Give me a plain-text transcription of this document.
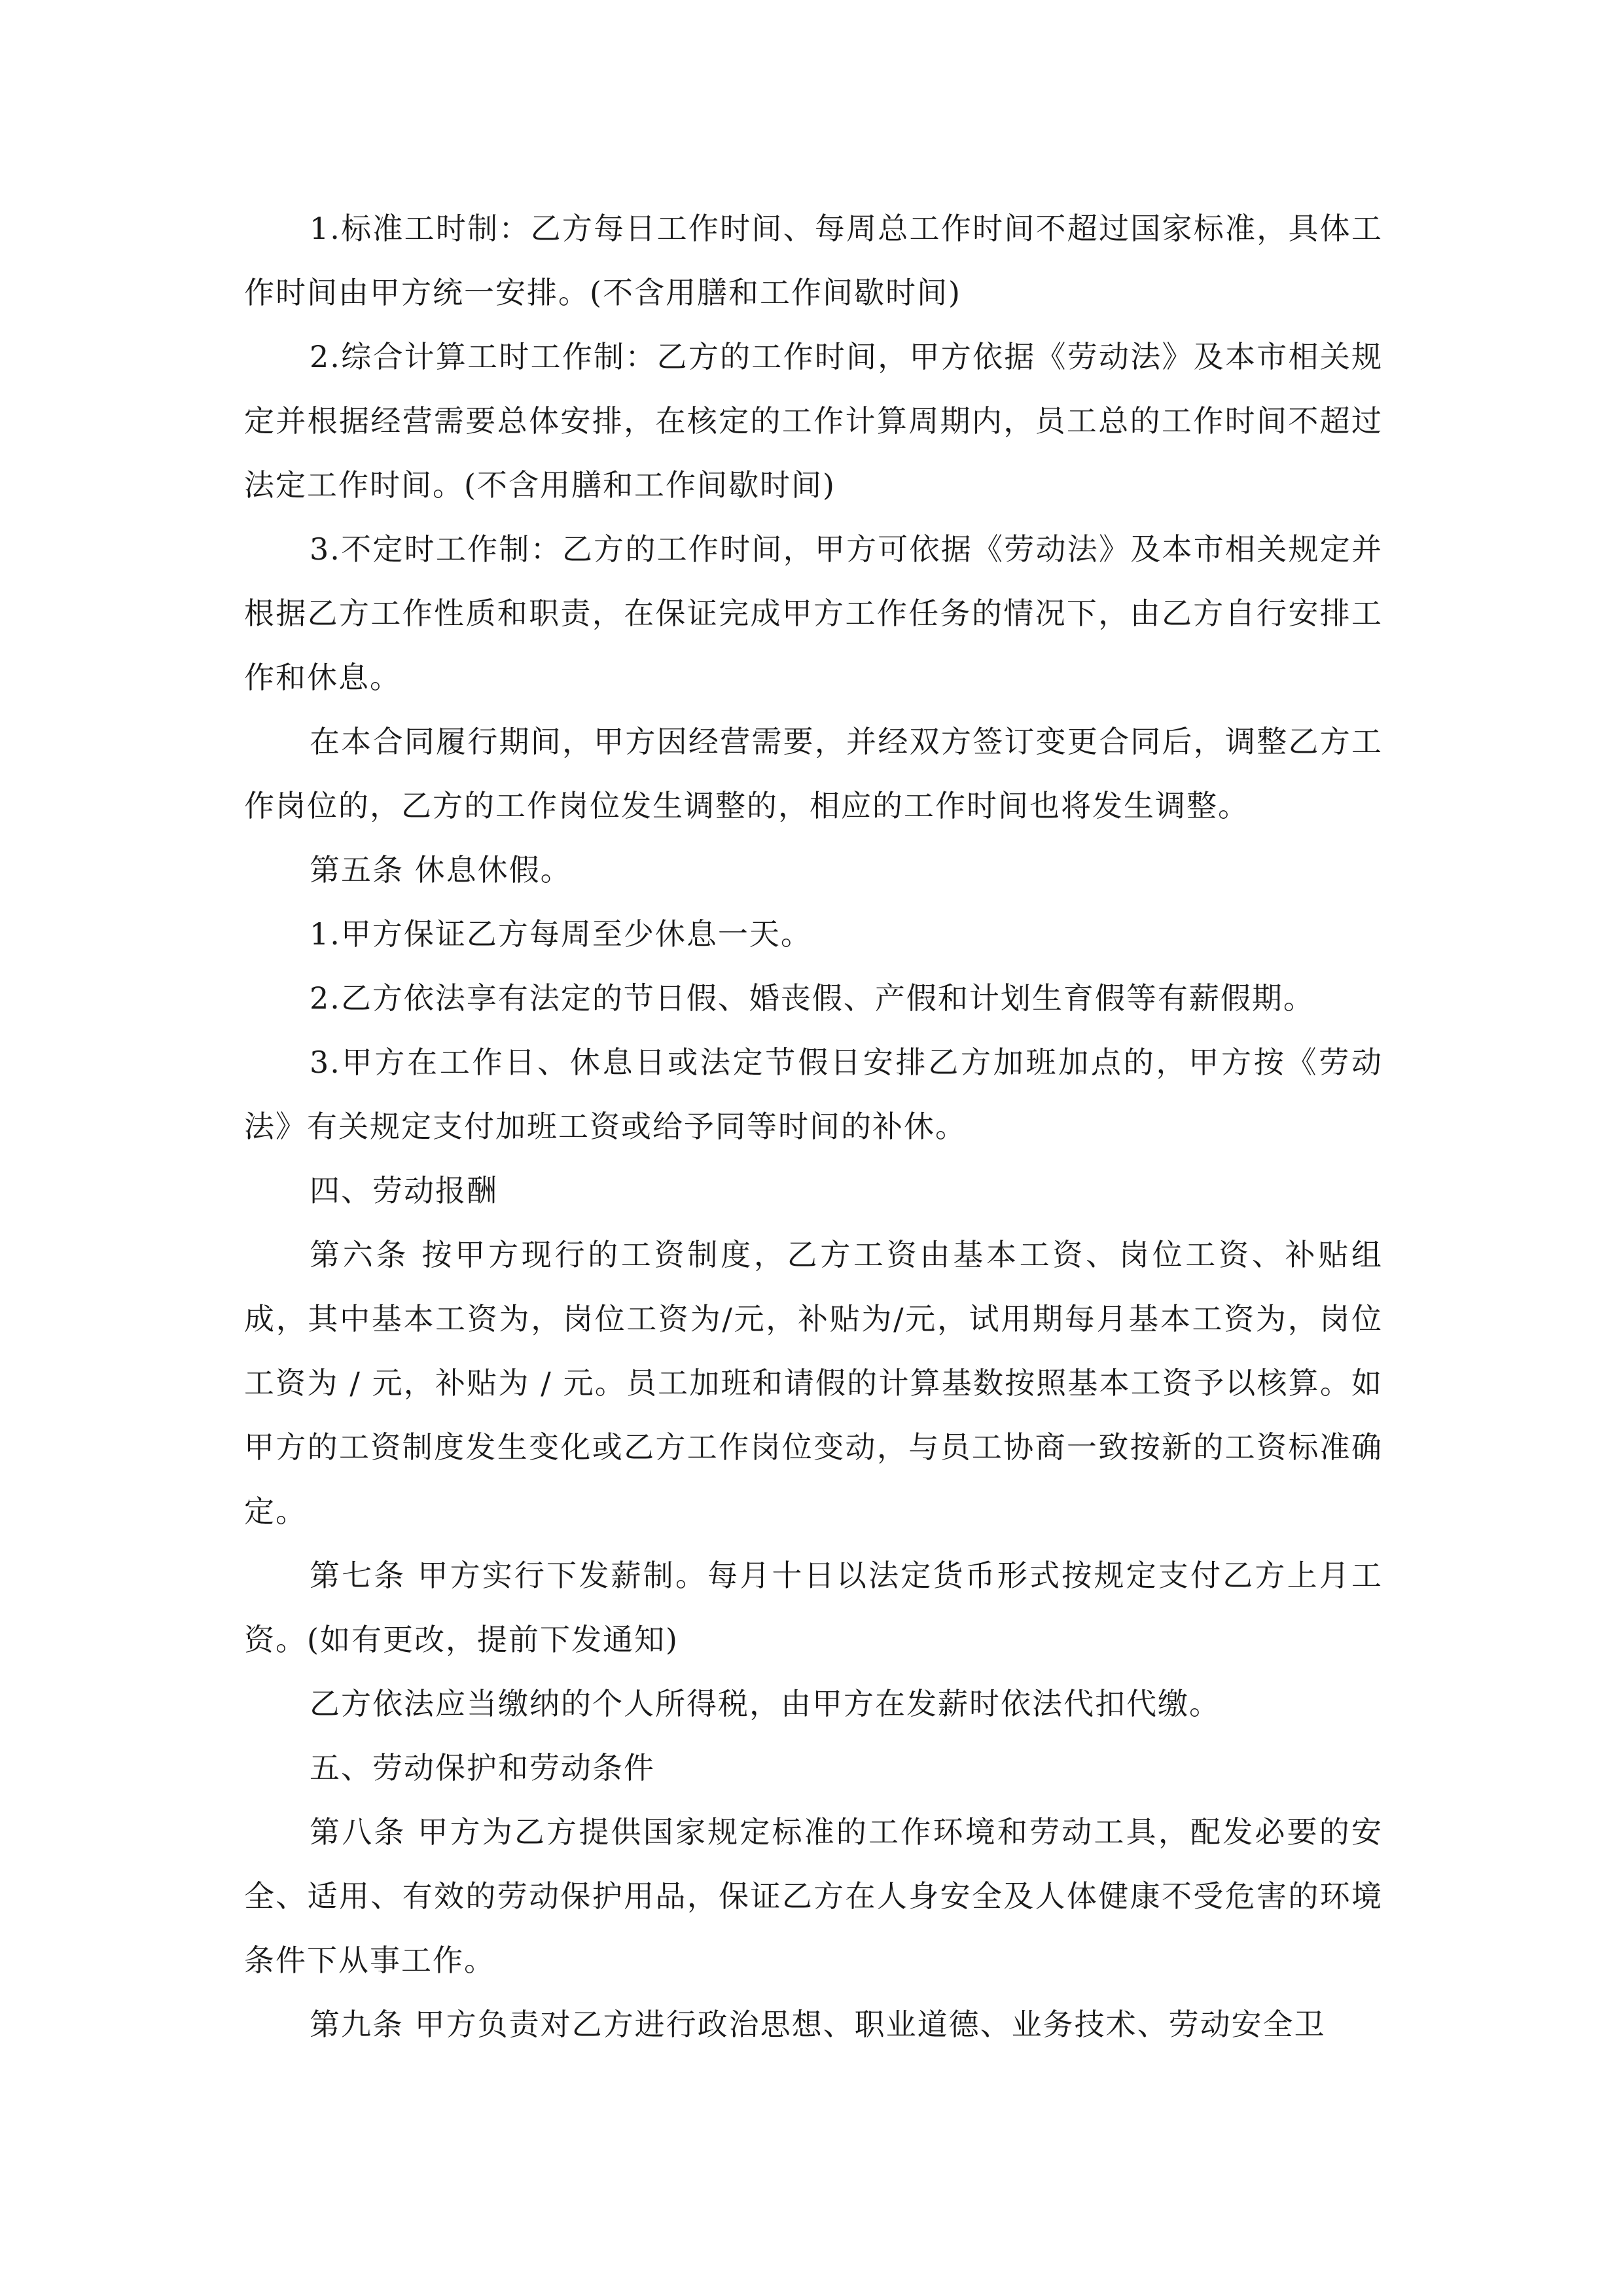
1.标准工时制：乙方每日工作时间、每周总工作时间不超过国家标准，具体工作时间由甲方统一安排。(不含用膳和工作间歇时间)

2.综合计算工时工作制：乙方的工作时间，甲方依据《劳动法》及本市相关规定并根据经营需要总体安排，在核定的工作计算周期内，员工总的工作时间不超过法定工作时间。(不含用膳和工作间歇时间)

3.不定时工作制：乙方的工作时间，甲方可依据《劳动法》及本市相关规定并根据乙方工作性质和职责，在保证完成甲方工作任务的情况下，由乙方自行安排工作和休息。

在本合同履行期间，甲方因经营需要，并经双方签订变更合同后，调整乙方工作岗位的，乙方的工作岗位发生调整的，相应的工作时间也将发生调整。

第五条 休息休假。

1.甲方保证乙方每周至少休息一天。

2.乙方依法享有法定的节日假、婚丧假、产假和计划生育假等有薪假期。

3.甲方在工作日、休息日或法定节假日安排乙方加班加点的，甲方按《劳动法》有关规定支付加班工资或给予同等时间的补休。

四、劳动报酬

第六条 按甲方现行的工资制度，乙方工资由基本工资、岗位工资、补贴组成，其中基本工资为，岗位工资为/元，补贴为/元，试用期每月基本工资为，岗位工资为 / 元，补贴为 / 元。员工加班和请假的计算基数按照基本工资予以核算。如甲方的工资制度发生变化或乙方工作岗位变动，与员工协商一致按新的工资标准确定。

第七条 甲方实行下发薪制。每月十日以法定货币形式按规定支付乙方上月工资。(如有更改，提前下发通知)

乙方依法应当缴纳的个人所得税，由甲方在发薪时依法代扣代缴。

五、劳动保护和劳动条件

第八条 甲方为乙方提供国家规定标准的工作环境和劳动工具，配发必要的安全、适用、有效的劳动保护用品，保证乙方在人身安全及人体健康不受危害的环境条件下从事工作。

第九条 甲方负责对乙方进行政治思想、职业道德、业务技术、劳动安全卫
